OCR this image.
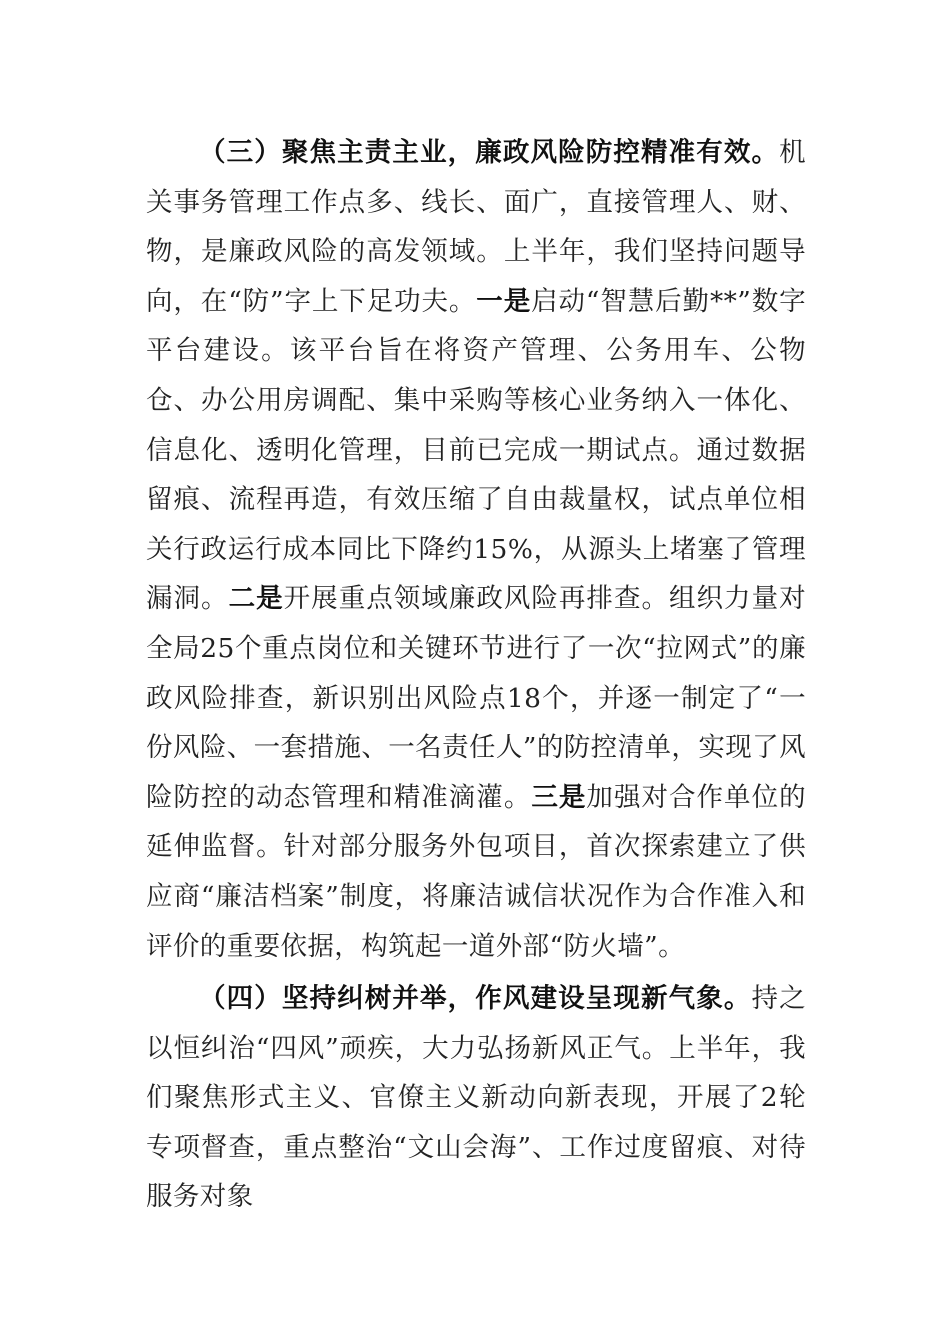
（三）聚焦主责主业，廉政风险防控精准有效。机关事务管理工作点多、线长、面广，直接管理人、财、物，是廉政风险的高发领域。上半年，我们坚持问题导向，在“防”字上下足功夫。一是启动“智慧后勤**”数字平台建设。该平台旨在将资产管理、公务用车、公物仓、办公用房调配、集中采购等核心业务纳入一体化、信息化、透明化管理，目前已完成一期试点。通过数据留痕、流程再造，有效压缩了自由裁量权，试点单位相关行政运行成本同比下降约15%，从源头上堵塞了管理漏洞。二是开展重点领域廉政风险再排查。组织力量对全局25个重点岗位和关键环节进行了一次“拉网式”的廉政风险排查，新识别出风险点18个，并逐一制定了“一份风险、一套措施、一名责任人”的防控清单，实现了风险防控的动态管理和精准滴灌。三是加强对合作单位的延伸监督。针对部分服务外包项目，首次探索建立了供应商“廉洁档案”制度，将廉洁诚信状况作为合作准入和评价的重要依据，构筑起一道外部“防火墙”。

（四）坚持纠树并举，作风建设呈现新气象。持之以恒纠治“四风”顽疾，大力弘扬新风正气。上半年，我们聚焦形式主义、官僚主义新动向新表现，开展了2轮专项督查，重点整治“文山会海”、工作过度留痕、对待服务对象
